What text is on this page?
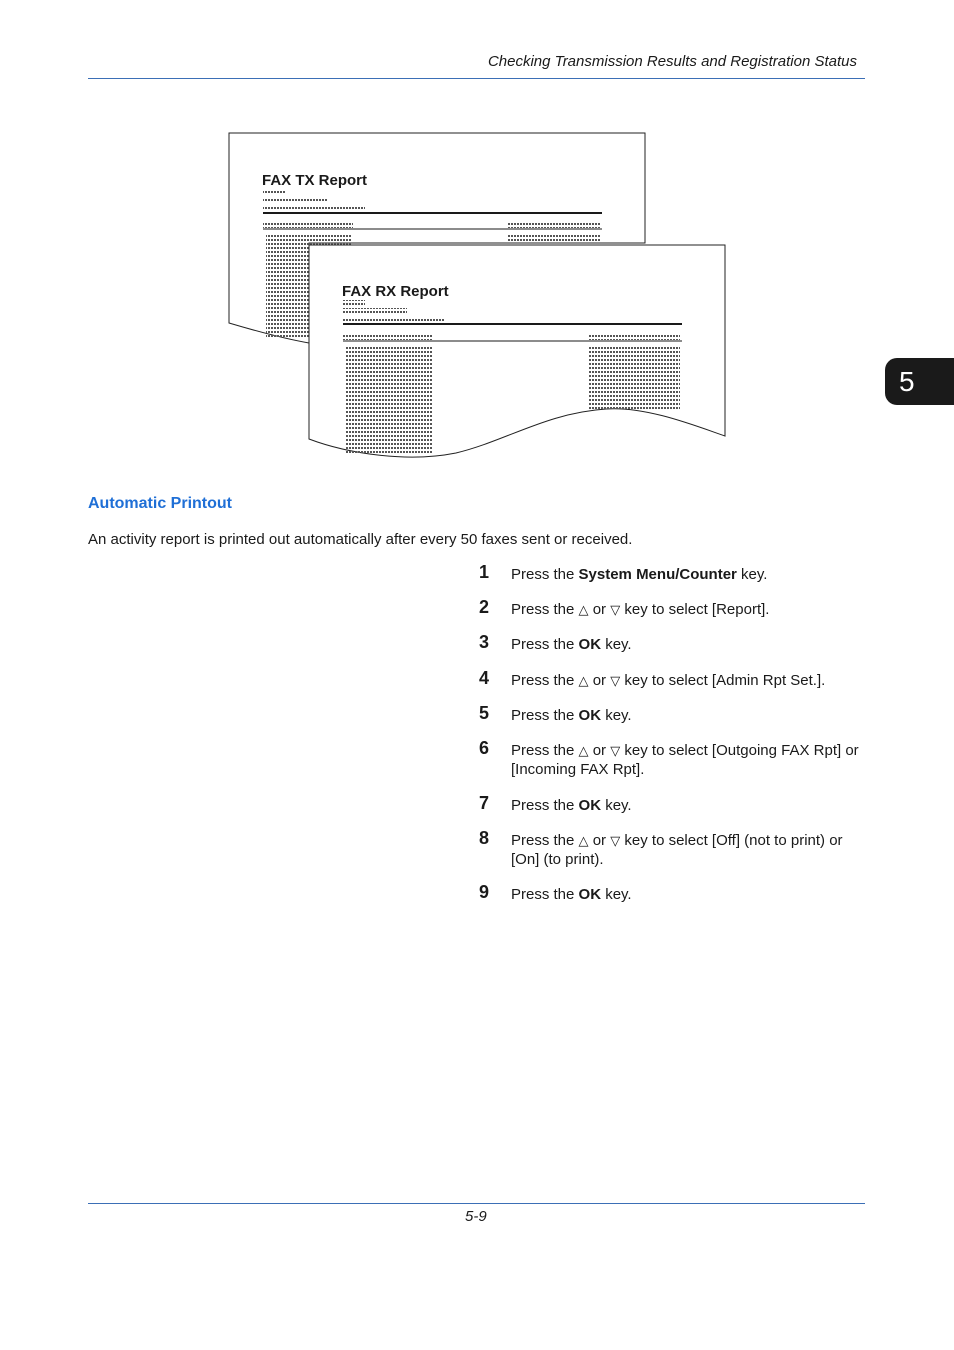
Checking Transmission Results and Registration Status
5
FAX TX Report
FAX RX Report
Automatic Printout
An activity report is printed out automatically after every 50 faxes sent or received.
1 Press the System Menu/Counter key.
2 Press the △ or ▽ key to select [Report].
3 Press the OK key.
4 Press the △ or ▽ key to select [Admin Rpt Set.].
5 Press the OK key.
6 Press the △ or ▽ key to select [Outgoing FAX Rpt] or [Incoming FAX Rpt].
7 Press the OK key.
8 Press the △ or ▽ key to select [Off] (not to print) or [On] (to print).
9 Press the OK key.
5-9
